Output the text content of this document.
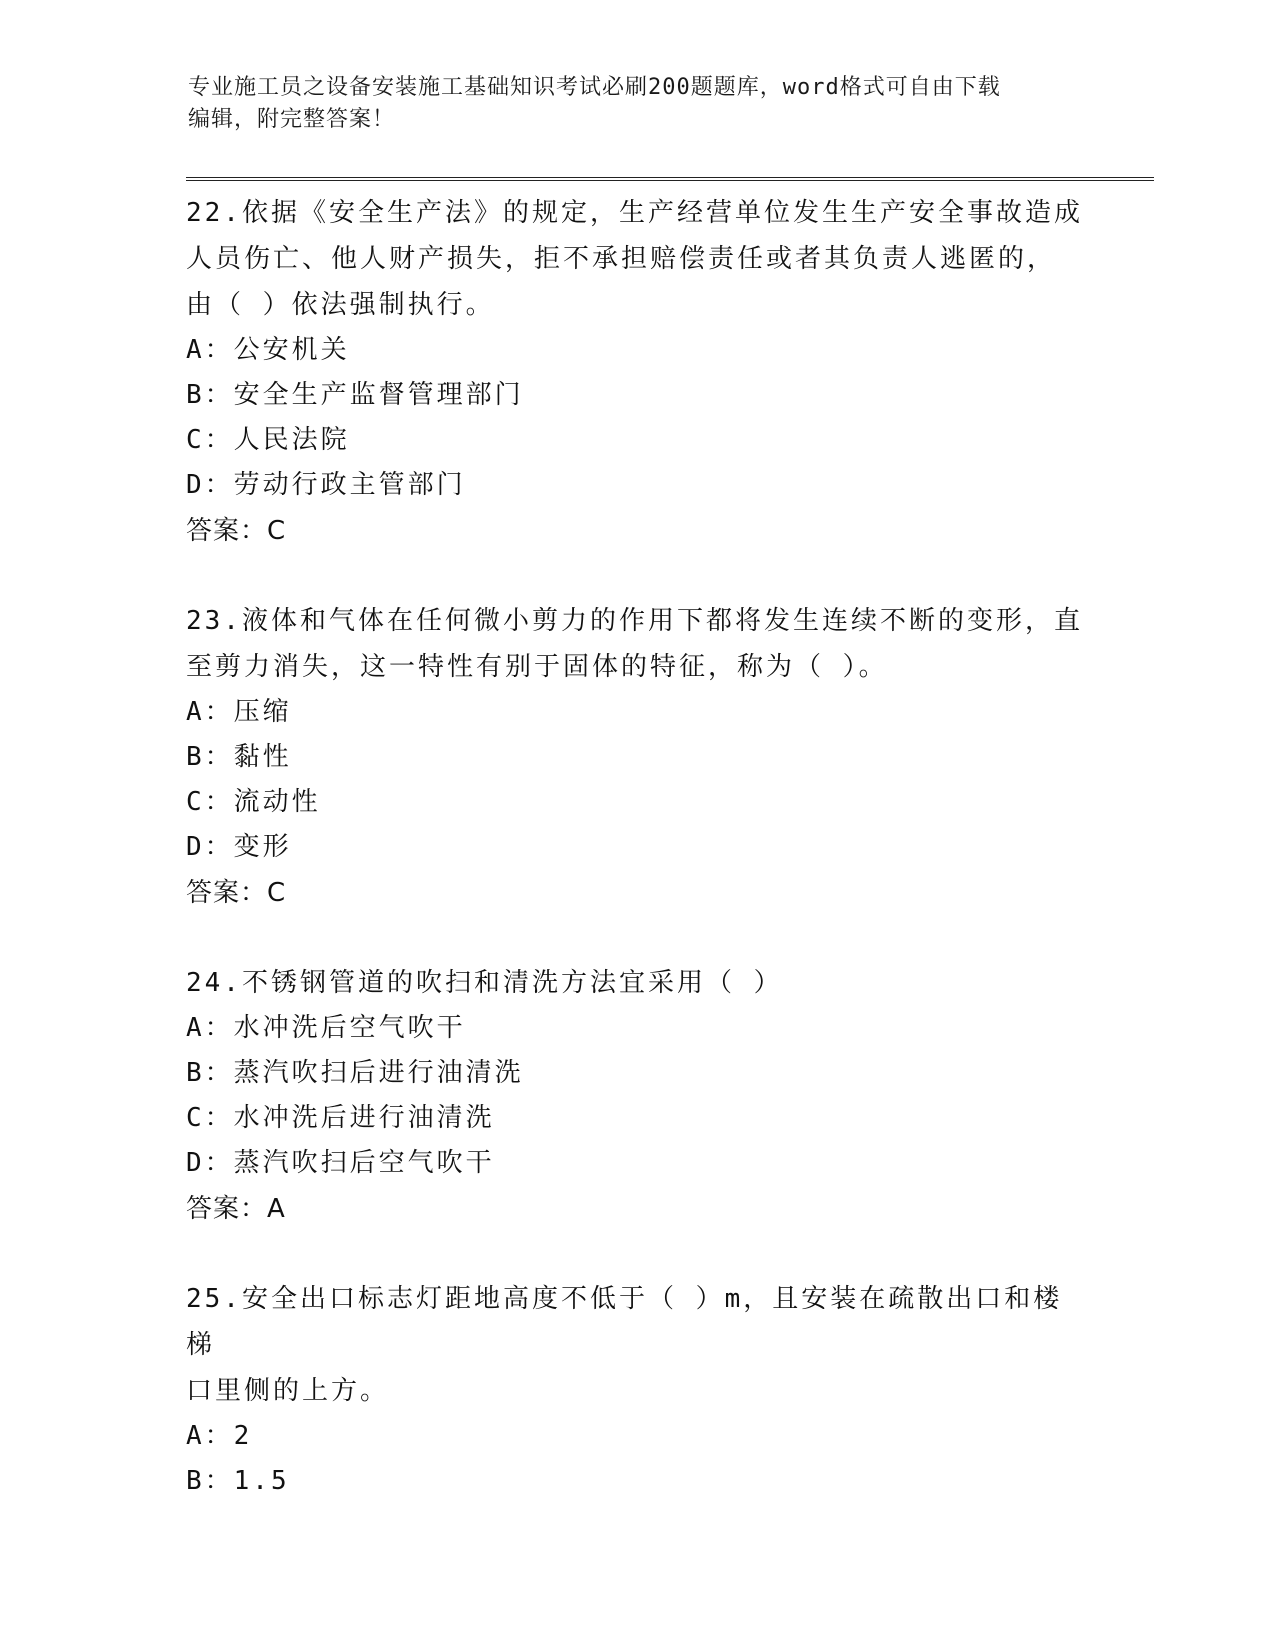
专业施工员之设备安装施工基础知识考试必刷200题题库，word格式可自由下载
编辑，附完整答案！

22.依据《安全生产法》的规定，生产经营单位发生生产安全事故造成

人员伤亡、他人财产损失，拒不承担赔偿责任或者其负责人逃匿的，

由（ ）依法强制执行。

A：公安机关

B：安全生产监督管理部门

C：人民法院

D：劳动行政主管部门

答案：C

23.液体和气体在任何微小剪力的作用下都将发生连续不断的变形，直

至剪力消失，这一特性有别于固体的特征，称为（ ）。

A：压缩

B：黏性

C：流动性

D：变形

答案：C

24.不锈钢管道的吹扫和清洗方法宜采用（ ）

A：水冲洗后空气吹干

B：蒸汽吹扫后进行油清洗

C：水冲洗后进行油清洗

D：蒸汽吹扫后空气吹干

答案：A

25.安全出口标志灯距地高度不低于（ ）m，且安装在疏散出口和楼梯

口里侧的上方。

A：2

B：1.5
